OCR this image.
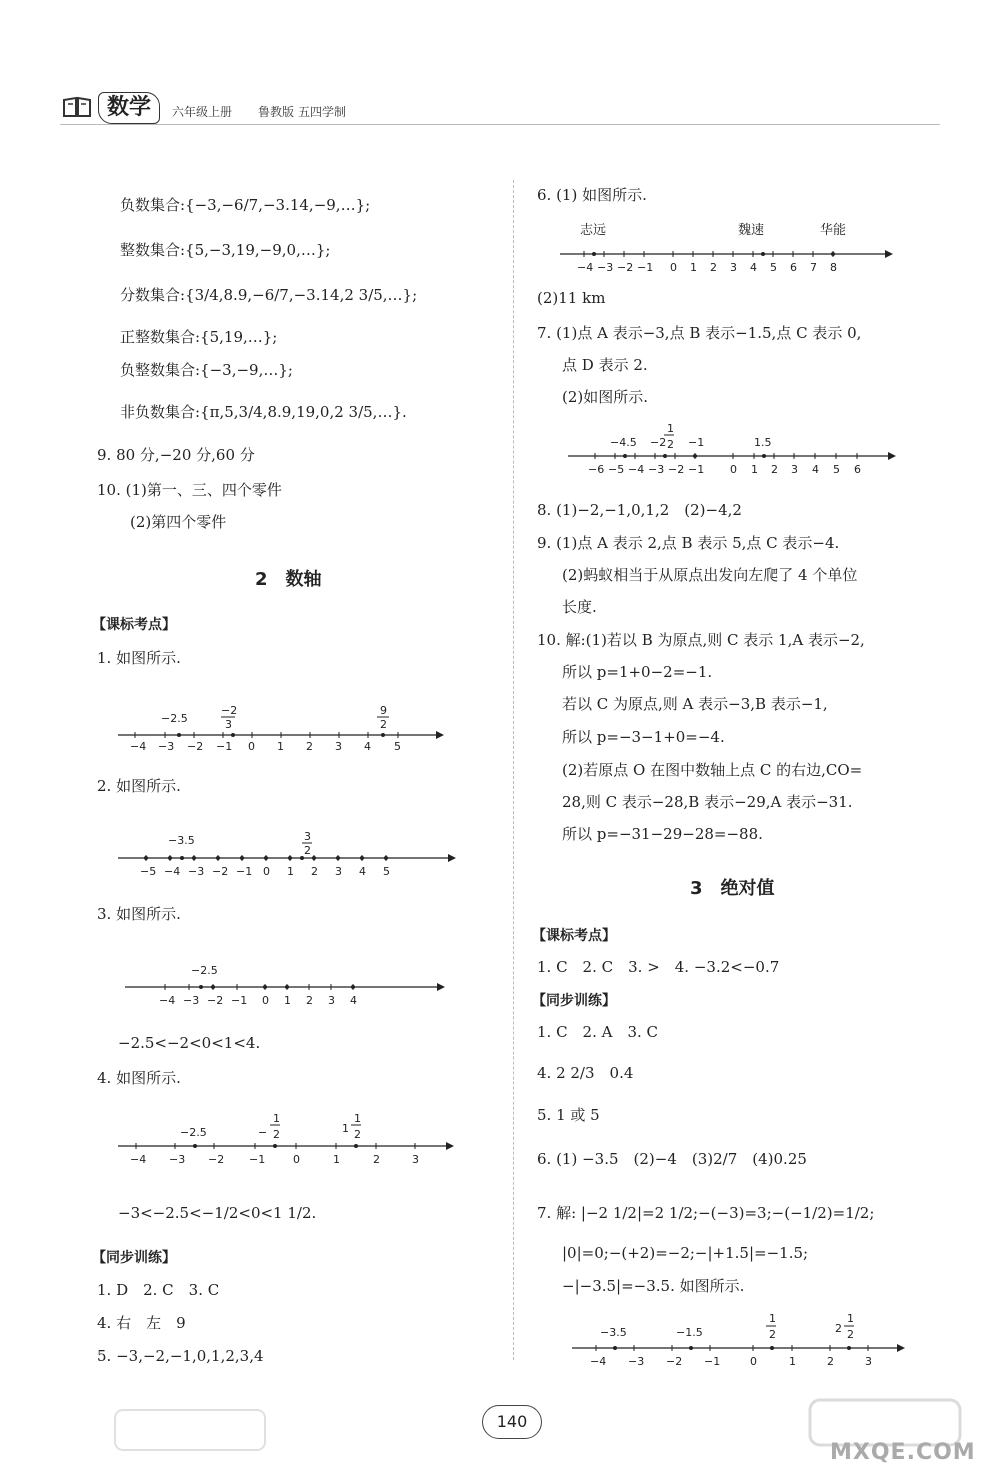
数学	六年级上册 鲁教版 五四学制
负数集合:{−3,−6/7,−3.14,−9,…};
整数集合:{5,−3,19,−9,0,…};
分数集合:{3/4,8.9,−6/7,−3.14,2 3/5,…};
正整数集合:{5,19,…};
负整数集合:{−3,−9,…};
非负数集合:{π,5,3/4,8.9,19,0,2 3/5,…}.
9. 80 分,−20 分,60 分
10. (1)第一、三、四个零件
(2)第四个零件
2　数轴
【课标考点】
1. 如图所示.
−4 −3 −2 −1 0 1 2 3 4 5
−2.5
−2
3
9
2
2. 如图所示.
−5 −4 −3 −2 −1 0 1 2 3 4 5
−3.5	3
2
3. 如图所示.
−4 −3 −2 −1 0 1 2 3 4
−2.5
−2.5<−2<0<1<4.
4. 如图所示.
−4 −3 −2 −1	0	1	2	3
−2.5	−
1
2	1
1
2
−3<−2.5<−1/2<0<1 1/2.
【同步训练】
1. D　2. C　3. C
4. 右　左　9
5. −3,−2,−1,0,1,2,3,4
6. (1) 如图所示.
志远	魏速	华能
−4 −3 −2 −1 0 1 2 3 4 5 6 7 8
(2)11 km
7. (1)点 A 表示−3,点 B 表示−1.5,点 C 表示 0,
点 D 表示 2.
(2)如图所示.
−6 −5 −4 −3 −2 −1 0 1 2 3 4 5 6
−4.5 −2
1
2 −1	1.5
8. (1)−2,−1,0,1,2　(2)−4,2
9. (1)点 A 表示 2,点 B 表示 5,点 C 表示−4.
(2)蚂蚁相当于从原点出发向左爬了 4 个单位
长度.
10. 解:(1)若以 B 为原点,则 C 表示 1,A 表示−2,
所以 p=1+0−2=−1.
若以 C 为原点,则 A 表示−3,B 表示−1,
所以 p=−3−1+0=−4.
(2)若原点 O 在图中数轴上点 C 的右边,CO=
28,则 C 表示−28,B 表示−29,A 表示−31.
所以 p=−31−29−28=−88.
3　绝对值
【课标考点】
1. C　2. C　3. >　4. −3.2<−0.7
【同步训练】
1. C　2. A　3. C
4. 2 2/3　0.4
5. 1 或 5
6. (1) −3.5　(2)−4　(3)2/7　(4)0.25
7. 解: |−2 1/2|=2 1/2;−(−3)=3;−(−1/2)=1/2;
|0|=0;−(+2)=−2;−|+1.5|=−1.5;
−|−3.5|=−3.5. 如图所示.
−4 −3 −2 −1	0	1	2	3
−3.5	−1.5
1
2	2
1
2
140
MXQE.COM
